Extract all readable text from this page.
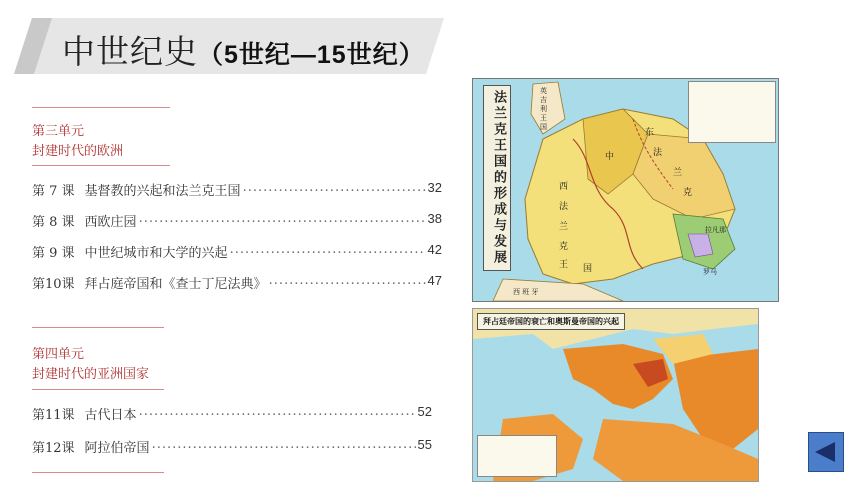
中世纪史（5世纪—15世纪）
第三单元
封建时代的欧洲
第 7 课 基督教的兴起和法兰克王国 .....	32
第 8 课 西欧庄园 .....	38
第 9 课 中世纪城市和大学的兴起 .....	42
第10课 拜占庭帝国和《查士丁尼法典》 .....	47
第四单元
封建时代的亚洲国家
第11课 古代日本 .....	52
第12课 阿拉伯帝国 .....	55
法兰克王国的形成与发展	英吉利王国
东
法
兰
克
中
西
法
兰
克
王 国
拉凡那
罗马
西 班 牙
拜占廷帝国的衰亡和奥斯曼帝国的兴起
